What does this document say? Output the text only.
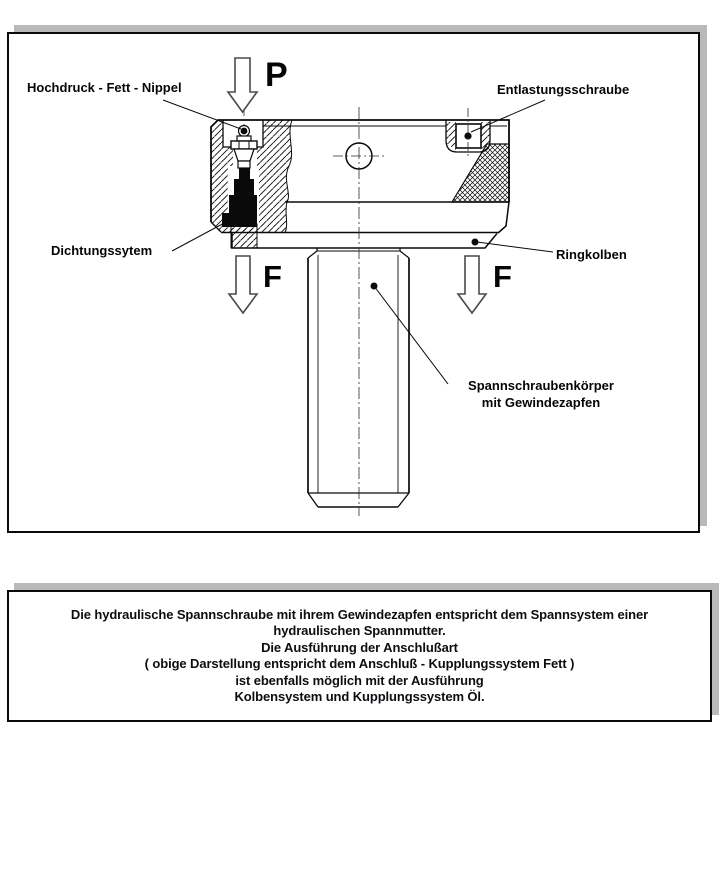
Die hydraulische Spannschraube mit ihrem Gewindezapfen entspricht dem Spannsystem einer
hydraulischen Spannmutter.
Die Ausführung der Anschlußart
( obige Darstellung entspricht dem Anschluß - Kupplungssystem Fett )
ist ebenfalls möglich mit der Ausführung
Kolbensystem und Kupplungssystem Öl.
Hochdruck - Fett - Nippel	Entlastungsschraube
Dichtungssytem	Ringkolben
Spannschraubenkörper
mit Gewindezapfen
P
F	F
